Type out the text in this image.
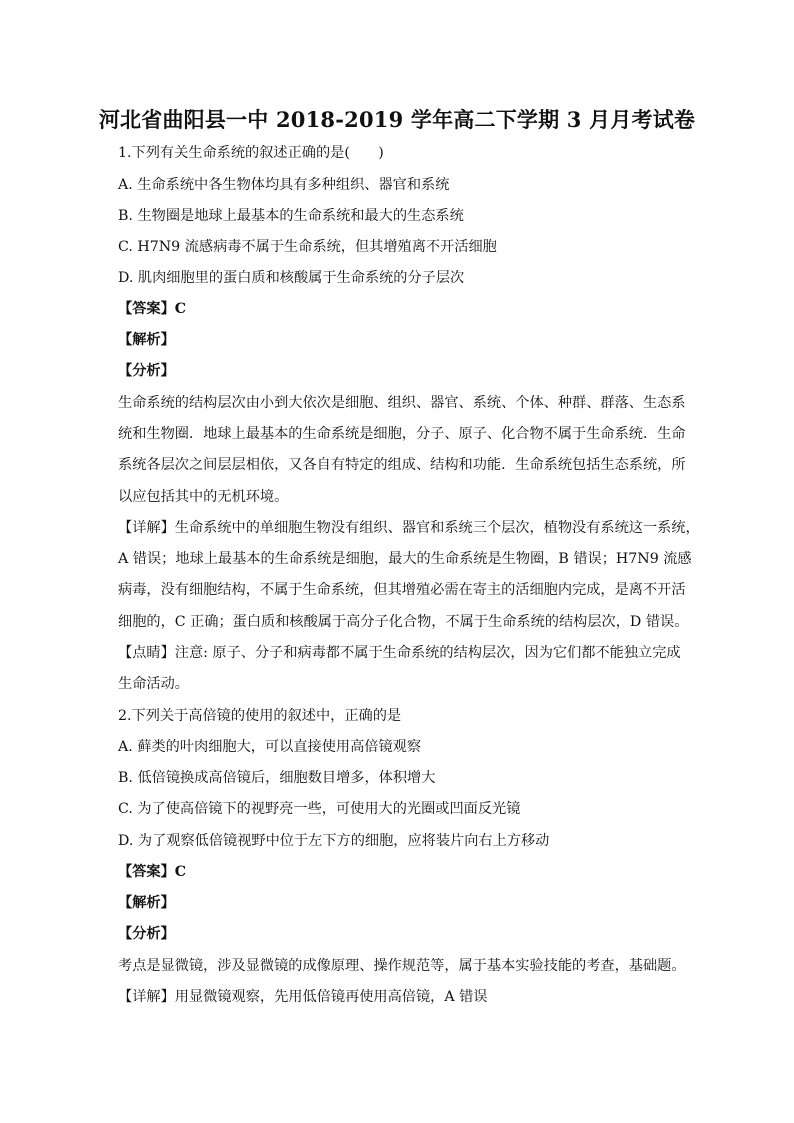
河北省曲阳县一中 2018-2019 学年高二下学期 3 月月考试卷
1.下列有关生命系统的叙述正确的是(　　)
A. 生命系统中各生物体均具有多种组织、器官和系统
B. 生物圈是地球上最基本的生命系统和最大的生态系统
C. H7N9 流感病毒不属于生命系统，但其增殖离不开活细胞
D. 肌肉细胞里的蛋白质和核酸属于生命系统的分子层次
【答案】C
【解析】
【分析】
生命系统的结构层次由小到大依次是细胞、组织、器官、系统、个体、种群、群落、生态系
统和生物圈．地球上最基本的生命系统是细胞，分子、原子、化合物不属于生命系统．生命
系统各层次之间层层相依，又各自有特定的组成、结构和功能．生命系统包括生态系统，所
以应包括其中的无机环境。
【详解】生命系统中的单细胞生物没有组织、器官和系统三个层次，植物没有系统这一系统，
A 错误；地球上最基本的生命系统是细胞，最大的生命系统是生物圈，B 错误；H7N9 流感
病毒，没有细胞结构，不属于生命系统，但其增殖必需在寄主的活细胞内完成，是离不开活
细胞的，C 正确；蛋白质和核酸属于高分子化合物，不属于生命系统的结构层次，D 错误。
【点睛】注意: 原子、分子和病毒都不属于生命系统的结构层次，因为它们都不能独立完成
生命活动。
2.下列关于高倍镜的使用的叙述中，正确的是
A. 藓类的叶肉细胞大，可以直接使用高倍镜观察
B. 低倍镜换成高倍镜后，细胞数目增多，体积增大
C. 为了使高倍镜下的视野亮一些，可使用大的光圈或凹面反光镜
D. 为了观察低倍镜视野中位于左下方的细胞，应将装片向右上方移动
【答案】C
【解析】
【分析】
考点是显微镜，涉及显微镜的成像原理、操作规范等，属于基本实验技能的考查，基础题。
【详解】用显微镜观察，先用低倍镜再使用高倍镜，A 错误
